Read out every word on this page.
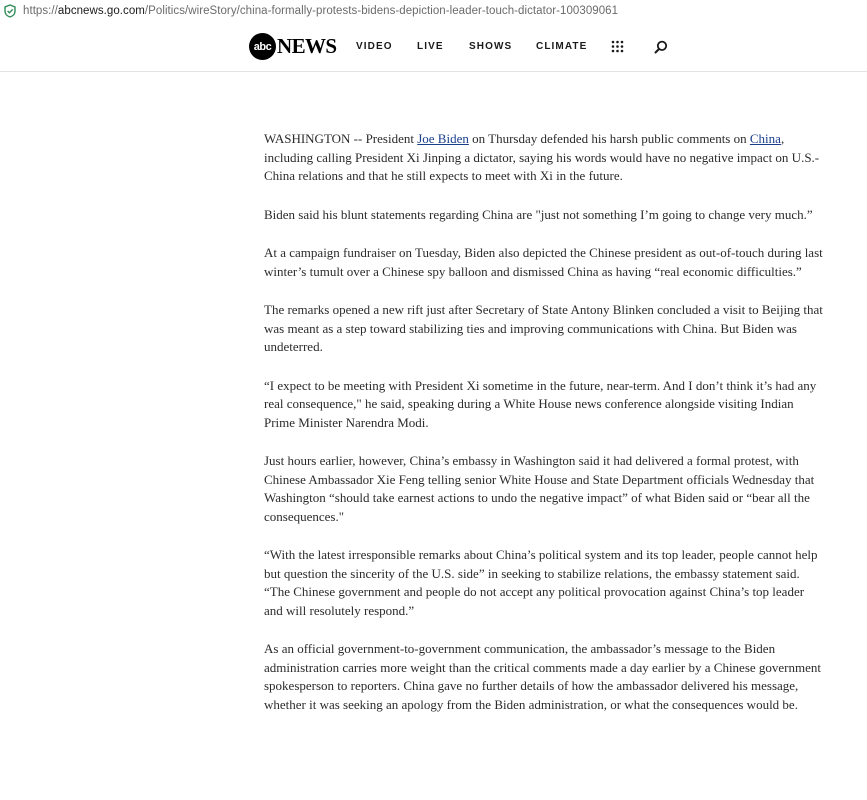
https://abcnews.go.com/Politics/wireStory/china-formally-protests-bidens-depiction-leader-touch-dictator-100309061
abc NEWS VIDEO LIVE	SHOWS CLIMATE

WASHINGTON -- President Joe Biden on Thursday defended his harsh public comments on China, including calling President Xi Jinping a dictator, saying his words would have no negative impact on U.S.-China relations and that he still expects to meet with Xi in the future.

Biden said his blunt statements regarding China are "just not something I’m going to change very much.”

At a campaign fundraiser on Tuesday, Biden also depicted the Chinese president as out-of-touch during last winter’s tumult over a Chinese spy balloon and dismissed China as having “real economic difficulties.”

The remarks opened a new rift just after Secretary of State Antony Blinken concluded a visit to Beijing that was meant as a step toward stabilizing ties and improving communications with China. But Biden was undeterred.

“I expect to be meeting with President Xi sometime in the future, near-term. And I don’t think it’s had any real consequence," he said, speaking during a White House news conference alongside visiting Indian Prime Minister Narendra Modi.

Just hours earlier, however, China’s embassy in Washington said it had delivered a formal protest, with Chinese Ambassador Xie Feng telling senior White House and State Department officials Wednesday that Washington “should take earnest actions to undo the negative impact” of what Biden said or “bear all the consequences."

“With the latest irresponsible remarks about China’s political system and its top leader, people cannot help but question the sincerity of the U.S. side” in seeking to stabilize relations, the embassy statement said. “The Chinese government and people do not accept any political provocation against China’s top leader and will resolutely respond.”

As an official government-to-government communication, the ambassador’s message to the Biden administration carries more weight than the critical comments made a day earlier by a Chinese government spokesperson to reporters. China gave no further details of how the ambassador delivered his message, whether it was seeking an apology from the Biden administration, or what the consequences would be.
